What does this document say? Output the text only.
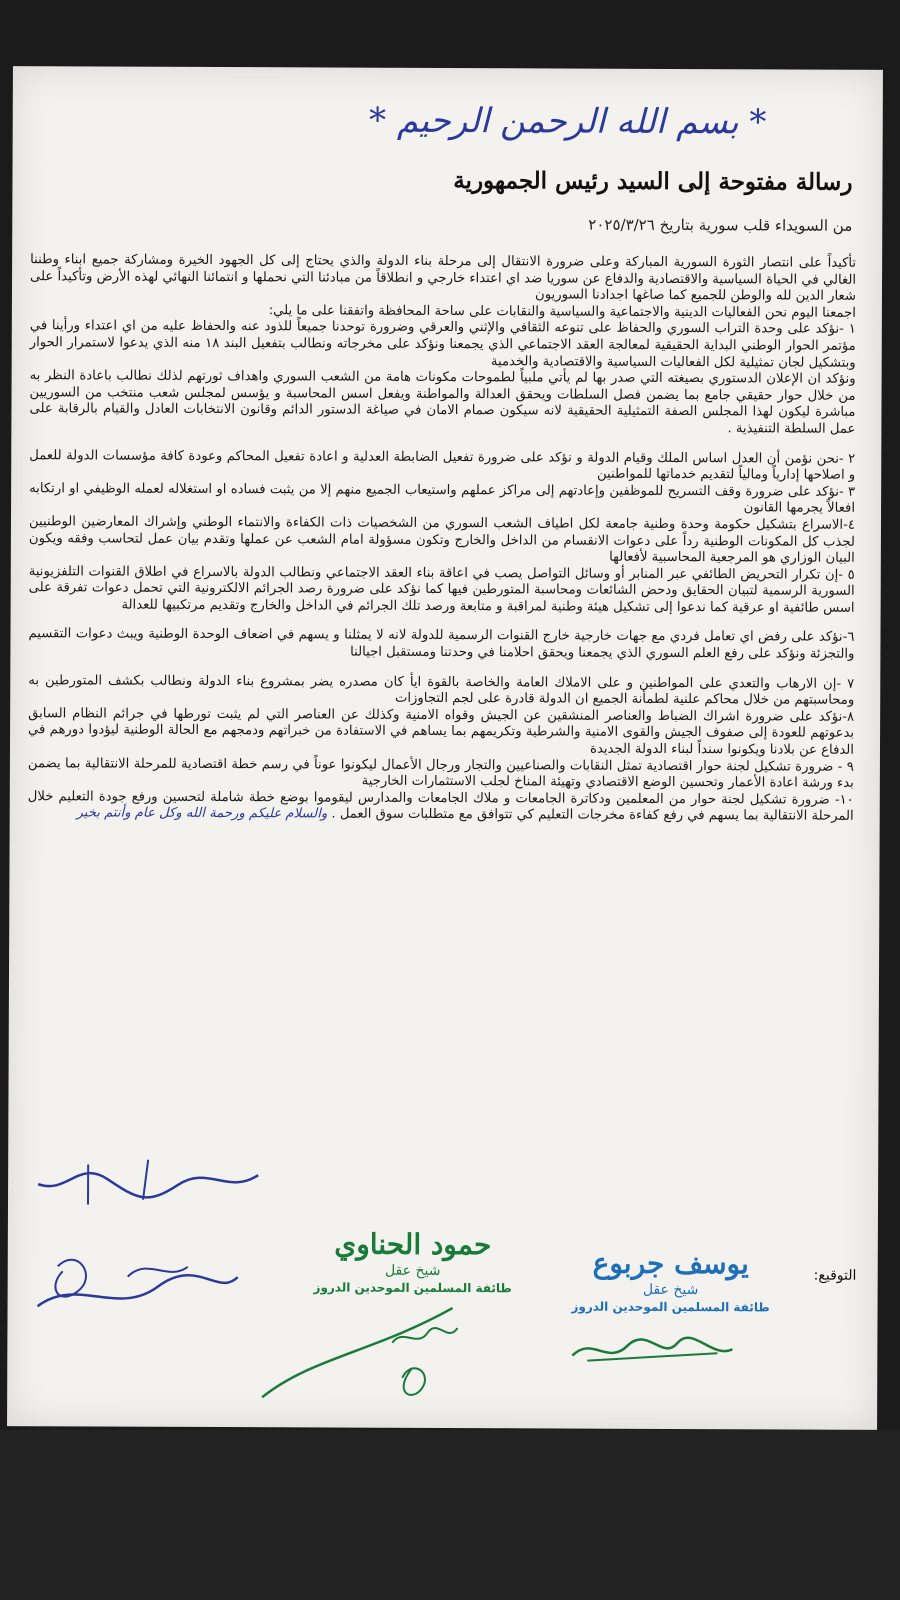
* بسم الله الرحمن الرحيم *
رسالة مفتوحة إلى السيد رئيس الجمهورية
من السويداء قلب سورية بتاريخ ٢٠٢٥/٣/٢٦
تأكيداً على انتصار الثورة السورية المباركة وعلى ضرورة الانتقال إلى مرحلة بناء الدولة والذي يحتاج إلى كل الجهود الخيرة ومشاركة جميع ابناء وطننا الغالي في الحياة السياسية والاقتصادية والدفاع عن سوريا ضد اي اعتداء خارجي و انطلاقاً من مبادئنا التي نحملها و انتمائنا النهائي لهذه الأرض وتأكيداً على شعار الدين لله والوطن للجميع كما صاغها اجدادنا السوريون
اجمعنا اليوم نحن الفعاليات الدينية والاجتماعية والسياسية والنقابات على ساحة المحافظة واتفقنا على ما يلي:
١ -نؤكد على وحدة التراب السوري والحفاظ على تنوعه الثقافي والإثني والعرقي وضرورة توحدنا جميعاً للذود عنه والحفاظ عليه من اي اعتداء ورأينا في مؤتمر الحوار الوطني البداية الحقيقية لمعالجة العقد الاجتماعي الذي يجمعنا ونؤكد على مخرجاته ونطالب بتفعيل البند ١٨ منه الذي يدعوا لاستمرار الحوار وبتشكيل لجان تمثيلية لكل الفعاليات السياسية والاقتصادية والخدمية
ونؤكد ان الإعلان الدستوري بصيغته التي صدر بها لم يأتي ملبياً لطموحات مكونات هامة من الشعب السوري واهداف ثورتهم لذلك نطالب باعادة النظر به من خلال حوار حقيقي جامع بما يضمن فصل السلطات ويحقق العدالة والمواطنة ويفعل اسس المحاسبة و يؤسس لمجلس شعب منتخب من السوريين مباشرة ليكون لهذا المجلس الصفة التمثيلية الحقيقية لانه سيكون صمام الامان في صياغة الدستور الدائم وقانون الانتخابات العادل والقيام بالرقابة على عمل السلطة التنفيذية .
٢ -نحن نؤمن أن العدل اساس الملك وقيام الدولة و نؤكد على ضرورة تفعيل الضابطة العدلية و اعادة تفعيل المحاكم وعودة كافة مؤسسات الدولة للعمل و اصلاحها إدارياً ومالياً لتقديم خدماتها للمواطنين
٣ -نؤكد على ضرورة وقف التسريح للموظفين وإعادتهم إلى مراكز عملهم واستيعاب الجميع منهم إلا من يثبت فساده او استغلاله لعمله الوظيفي او ارتكابه افعالاً يجرمها القانون
٤-الاسراع بتشكيل حكومة وحدة وطنية جامعة لكل اطياف الشعب السوري من الشخصيات ذات الكفاءة والانتماء الوطني وإشراك المعارضين الوطنيين لجذب كل المكونات الوطنية رداً على دعوات الانقسام من الداخل والخارج وتكون مسؤولة امام الشعب عن عملها وتقدم بيان عمل لتحاسب وفقه ويكون البيان الوزاري هو المرجعية المحاسبية لأفعالها
٥ -إن تكرار التحريض الطائفي عبر المنابر أو وسائل التواصل يصب في اعاقة بناء العقد الاجتماعي ونطالب الدولة بالاسراع في اطلاق القنوات التلفزيونية السورية الرسمية لتبيان الحقايق ودحض الشائعات ومحاسبة المتورطين فيها كما نؤكد على ضرورة رصد الجرائم الالكترونية التي تحمل دعوات تفرقة على اسس طائفية او عرقية كما ندعوا إلى تشكيل هيئة وطنية لمراقبة و متابعة ورصد تلك الجرائم في الداخل والخارج وتقديم مرتكبيها للعدالة
٦-نؤكد على رفض اي تعامل فردي مع جهات خارجية خارج القنوات الرسمية للدولة لانه لا يمثلنا و يسهم في اضعاف الوحدة الوطنية ويبث دعوات التقسيم والتجزئة ونؤكد على رفع العلم السوري الذي يجمعنا ويحقق احلامنا في وحدتنا ومستقبل اجيالنا
٧ -إن الارهاب والتعدي على المواطنين و على الاملاك العامة والخاصة بالقوة ايأ كان مصدره يضر بمشروع بناء الدولة ونطالب بكشف المتورطين به ومحاسبتهم من خلال محاكم علنية لطمأنة الجميع ان الدولة قادرة على لجم التجاوزات
٨-نؤكد على ضرورة اشراك الضباط والعناصر المنشقين عن الجيش وقواه الامنية وكذلك عن العناصر التي لم يثبت تورطها في جرائم النظام السابق بدعوتهم للعودة إلى صفوف الجيش والقوى الامنية والشرطية وتكريمهم بما يساهم في الاستفادة من خبراتهم ودمجهم مع الحالة الوطنية ليؤدوا دورهم في الدفاع عن بلادنا ويكونوا سنداً لبناء الدولة الجديدة
٩ - ضرورة تشكيل لجنة حوار اقتصادية تمثل النقابات والصناعيين والتجار ورجال الأعمال ليكونوا عوناً في رسم خطة اقتصادية للمرحلة الانتقالية بما يضمن بدء ورشة اعادة الأعمار وتحسين الوضع الاقتصادي وتهيئة المناخ لجلب الاستثمارات الخارجية
١٠- ضرورة تشكيل لجنة حوار من المعلمين ودكاترة الجامعات و ملاك الجامعات والمدارس ليقوموا بوضع خطة شاملة لتحسين ورفع جودة التعليم خلال المرحلة الانتقالية بما يسهم في رفع كفاءة مخرجات التعليم كي تتوافق مع متطلبات سوق العمل . والسلام عليكم ورحمة الله وكل عام وأنتم بخير
التوقيع:
يوسف جربوع
شيخ عقل
طائفة المسلمين الموحدين الدروز
حمود الحناوي
شيخ عقل
طائفة المسلمين الموحدين الدروز
